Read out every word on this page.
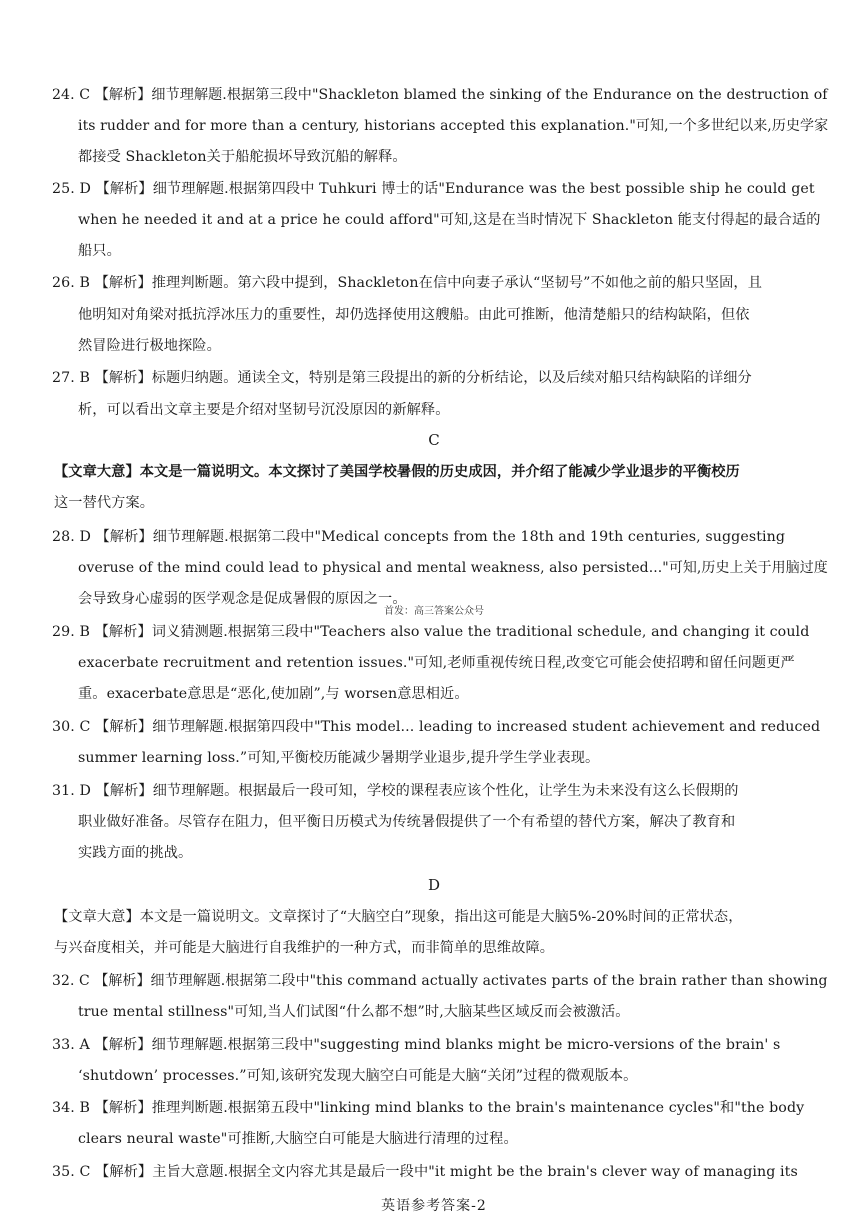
24. C 【解析】细节理解题.根据第三段中"Shackleton blamed the sinking of the Endurance on the destruction of
its rudder and for more than a century, historians accepted this explanation."可知,一个多世纪以来,历史学家
都接受 Shackleton关于船舵损坏导致沉船的解释。
25. D 【解析】细节理解题.根据第四段中 Tuhkuri 博士的话"Endurance was the best possible ship he could get
when he needed it and at a price he could afford"可知,这是在当时情况下 Shackleton 能支付得起的最合适的
船只。
26. B 【解析】推理判断题。第六段中提到，Shackleton在信中向妻子承认“坚韧号”不如他之前的船只坚固，且
他明知对角梁对抵抗浮冰压力的重要性，却仍选择使用这艘船。由此可推断，他清楚船只的结构缺陷，但依
然冒险进行极地探险。
27. B 【解析】标题归纳题。通读全文，特别是第三段提出的新的分析结论，以及后续对船只结构缺陷的详细分
析，可以看出文章主要是介绍对坚韧号沉没原因的新解释。
C
【文章大意】本文是一篇说明文。本文探讨了美国学校暑假的历史成因，并介绍了能减少学业退步的平衡校历
这一替代方案。
28. D 【解析】细节理解题.根据第二段中"Medical concepts from the 18th and 19th centuries, suggesting
overuse of the mind could lead to physical and mental weakness, also persisted..."可知,历史上关于用脑过度
会导致身心虚弱的医学观念是促成暑假的原因之一。
首发：高三答案公众号
29. B 【解析】词义猜测题.根据第三段中"Teachers also value the traditional schedule, and changing it could
exacerbate recruitment and retention issues."可知,老师重视传统日程,改变它可能会使招聘和留任问题更严
重。exacerbate意思是“恶化,使加剧”,与 worsen意思相近。
30. C 【解析】细节理解题.根据第四段中"This model... leading to increased student achievement and reduced
summer learning loss.”可知,平衡校历能减少暑期学业退步,提升学生学业表现。
31. D 【解析】细节理解题。根据最后一段可知，学校的课程表应该个性化，让学生为未来没有这么长假期的
职业做好准备。尽管存在阻力，但平衡日历模式为传统暑假提供了一个有希望的替代方案，解决了教育和
实践方面的挑战。
D
【文章大意】本文是一篇说明文。文章探讨了“大脑空白”现象，指出这可能是大脑5%-20%时间的正常状态，
与兴奋度相关，并可能是大脑进行自我维护的一种方式，而非简单的思维故障。
32. C 【解析】细节理解题.根据第二段中"this command actually activates parts of the brain rather than showing
true mental stillness"可知,当人们试图“什么都不想”时,大脑某些区域反而会被激活。
33. A 【解析】细节理解题.根据第三段中"suggesting mind blanks might be micro-versions of the brain' s
‘shutdown’ processes.”可知,该研究发现大脑空白可能是大脑“关闭”过程的微观版本。
34. B 【解析】推理判断题.根据第五段中"linking mind blanks to the brain's maintenance cycles"和"the body
clears neural waste"可推断,大脑空白可能是大脑进行清理的过程。
35. C 【解析】主旨大意题.根据全文内容尤其是最后一段中"it might be the brain's clever way of managing its
英语参考答案-2
